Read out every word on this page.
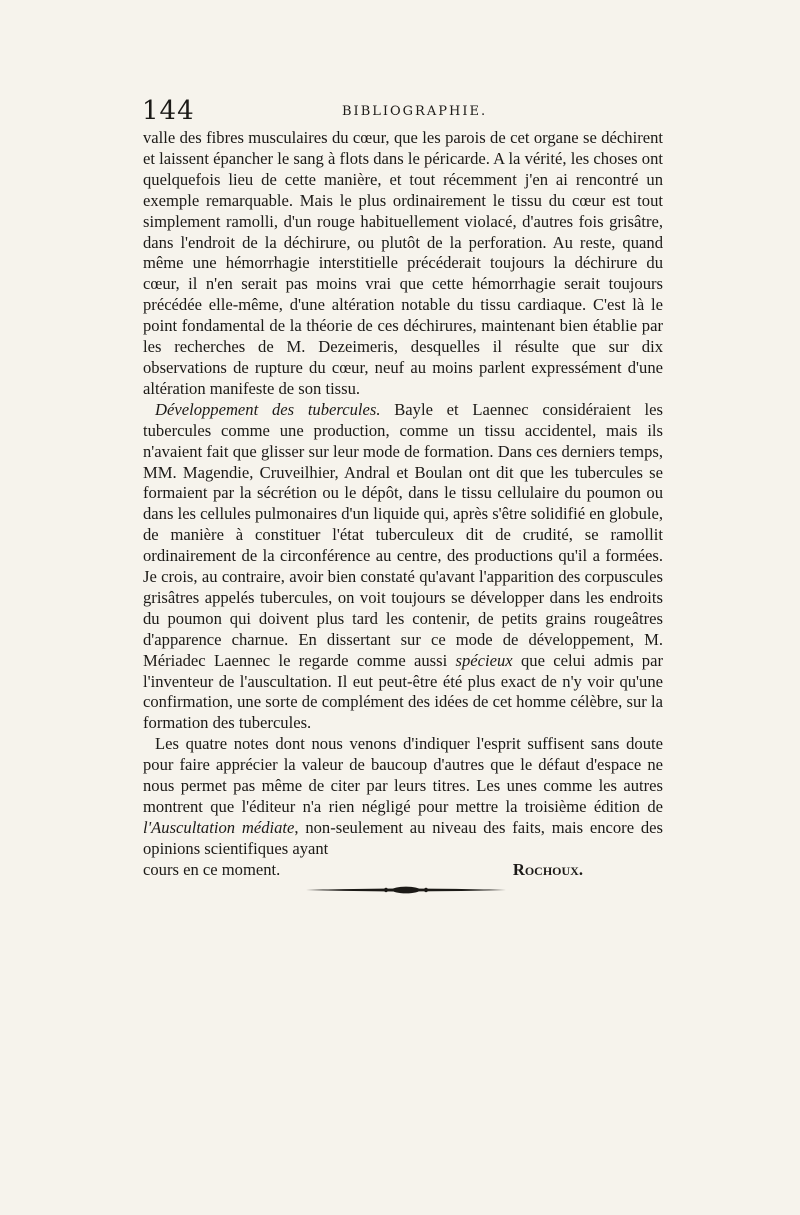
144	BIBLIOGRAPHIE.

valle des fibres musculaires du cœur, que les parois de cet organe se déchirent et laissent épancher le sang à flots dans le péricarde. A la vérité, les choses ont quelquefois lieu de cette manière, et tout récemment j'en ai rencontré un exemple remarquable. Mais le plus ordinairement le tissu du cœur est tout simplement ramolli, d'un rouge habituellement violacé, d'autres fois grisâtre, dans l'endroit de la déchirure, ou plutôt de la perforation. Au reste, quand même une hémorrhagie interstitielle précéderait toujours la déchirure du cœur, il n'en serait pas moins vrai que cette hémorrhagie serait toujours précédée elle-même, d'une altération notable du tissu cardiaque. C'est là le point fondamental de la théorie de ces déchirures, maintenant bien établie par les recherches de M. Dezeimeris, desquelles il résulte que sur dix observations de rupture du cœur, neuf au moins parlent expressément d'une altération manifeste de son tissu.

Développement des tubercules. Bayle et Laennec considéraient les tubercules comme une production, comme un tissu accidentel, mais ils n'avaient fait que glisser sur leur mode de formation. Dans ces derniers temps, MM. Magendie, Cruveilhier, Andral et Boulan ont dit que les tubercules se formaient par la sécrétion ou le dépôt, dans le tissu cellulaire du poumon ou dans les cellules pulmonaires d'un liquide qui, après s'être solidifié en globule, de manière à constituer l'état tuberculeux dit de crudité, se ramollit ordinairement de la circonférence au centre, des productions qu'il a formées. Je crois, au contraire, avoir bien constaté qu'avant l'apparition des corpuscules grisâtres appelés tubercules, on voit toujours se développer dans les endroits du poumon qui doivent plus tard les contenir, de petits grains rougeâtres d'apparence charnue. En dissertant sur ce mode de développement, M. Mériadec Laennec le regarde comme aussi spécieux que celui admis par l'inventeur de l'auscultation. Il eut peut-être été plus exact de n'y voir qu'une confirmation, une sorte de complément des idées de cet homme célèbre, sur la formation des tubercules.

Les quatre notes dont nous venons d'indiquer l'esprit suffisent sans doute pour faire apprécier la valeur de baucoup d'autres que le défaut d'espace ne nous permet pas même de citer par leurs titres. Les unes comme les autres montrent que l'éditeur n'a rien négligé pour mettre la troisième édition de l'Auscultation médiate, non-seulement au niveau des faits, mais encore des opinions scientifiques ayant

cours en ce moment.	Rochoux.
